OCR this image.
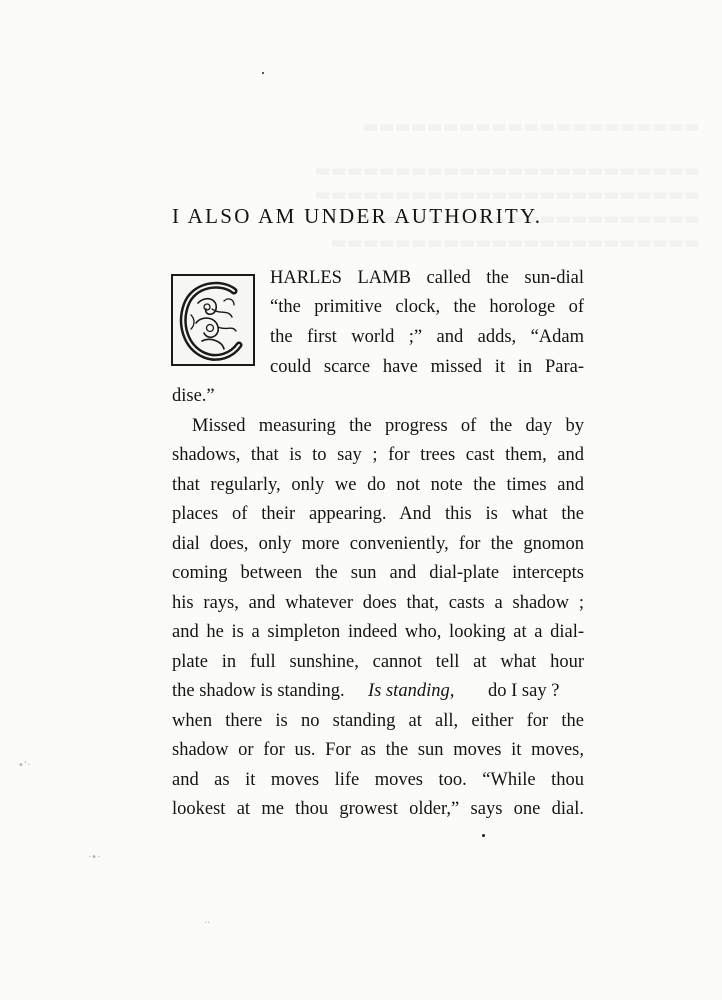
I ALSO AM UNDER AUTHORITY.
HARLES LAMB called the sun-dial
“the primitive clock, the horologe of
the first world ;” and adds, “Adam
could scarce have missed it in Para-
dise.”
Missed measuring the progress of the day by
shadows, that is to say ; for trees cast them, and
that regularly, only we do not note the times and
places of their appearing. And this is what the
dial does, only more conveniently, for the gnomon
coming between the sun and dial-plate intercepts
his rays, and whatever does that, casts a shadow ;
and he is a simpleton indeed who, looking at a dial-
plate in full sunshine, cannot tell at what hour
the shadow is standing. Is standing, do I say ?
when there is no standing at all, either for the
shadow or for us. For as the sun moves it moves,
and as it moves life moves too. “While thou
lookest at me thou growest older,” says one dial.
•’·
·•·
··
